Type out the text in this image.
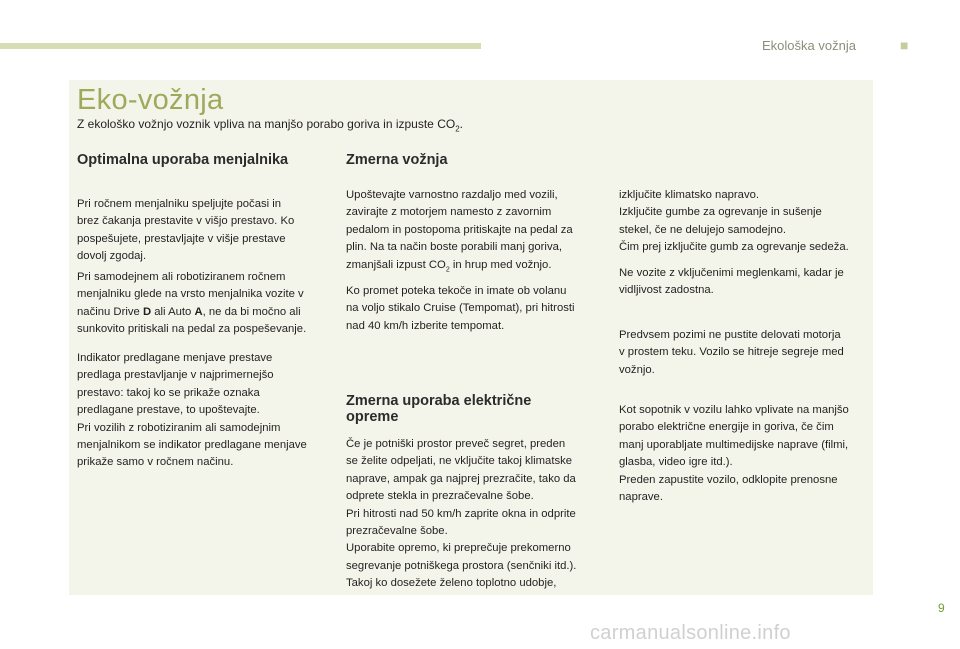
Ekološka vožnja	■
Eko-vožnja
Z ekološko vožnjo voznik vpliva na manjšo porabo goriva in izpuste $CO_2$.
Optimalna uporaba menjalnika
Pri ročnem menjalniku speljujte počasi in
brez čakanja prestavite v višjo prestavo. Ko
pospešujete, prestavljajte v višje prestave
dovolj zgodaj.
Pri samodejnem ali robotiziranem ročnem
menjalniku glede na vrsto menjalnika vozite v
načinu Drive D ali Auto A, ne da bi močno ali
sunkovito pritiskali na pedal za pospeševanje.
Indikator predlagane menjave prestave
predlaga prestavljanje v najprimernejšo
prestavo: takoj ko se prikaže oznaka
predlagane prestave, to upoštevajte.
Pri vozilih z robotiziranim ali samodejnim
menjalnikom se indikator predlagane menjave
prikaže samo v ročnem načinu.
Zmerna vožnja
Upoštevajte varnostno razdaljo med vozili,
zavirajte z motorjem namesto z zavornim
pedalom in postopoma pritiskajte na pedal za
plin. Na ta način boste porabili manj goriva,
zmanjšali izpust $CO_2$ in hrup med vožnjo.
Ko promet poteka tekoče in imate ob volanu
na voljo stikalo Cruise (Tempomat), pri hitrosti
nad 40 km/h izberite tempomat.
Zmerna uporaba električne
opreme
Če je potniški prostor preveč segret, preden
se želite odpeljati, ne vključite takoj klimatske
naprave, ampak ga najprej prezračite, tako da
odprete stekla in prezračevalne šobe.
Pri hitrosti nad 50 km/h zaprite okna in odprite
prezračevalne šobe.
Uporabite opremo, ki preprečuje prekomerno
segrevanje potniškega prostora (senčniki itd.).
Takoj ko dosežete želeno toplotno udobje,
izključite klimatsko napravo.
Izključite gumbe za ogrevanje in sušenje
stekel, če ne delujejo samodejno.
Čim prej izključite gumb za ogrevanje sedeža.
Ne vozite z vključenimi meglenkami, kadar je
vidljivost zadostna.
Predvsem pozimi ne pustite delovati motorja
v prostem teku. Vozilo se hitreje segreje med
vožnjo.
Kot sopotnik v vozilu lahko vplivate na manjšo
porabo električne energije in goriva, če čim
manj uporabljate multimedijske naprave (filmi,
glasba, video igre itd.).
Preden zapustite vozilo, odklopite prenosne
naprave.
9
carmanualsonline.info
